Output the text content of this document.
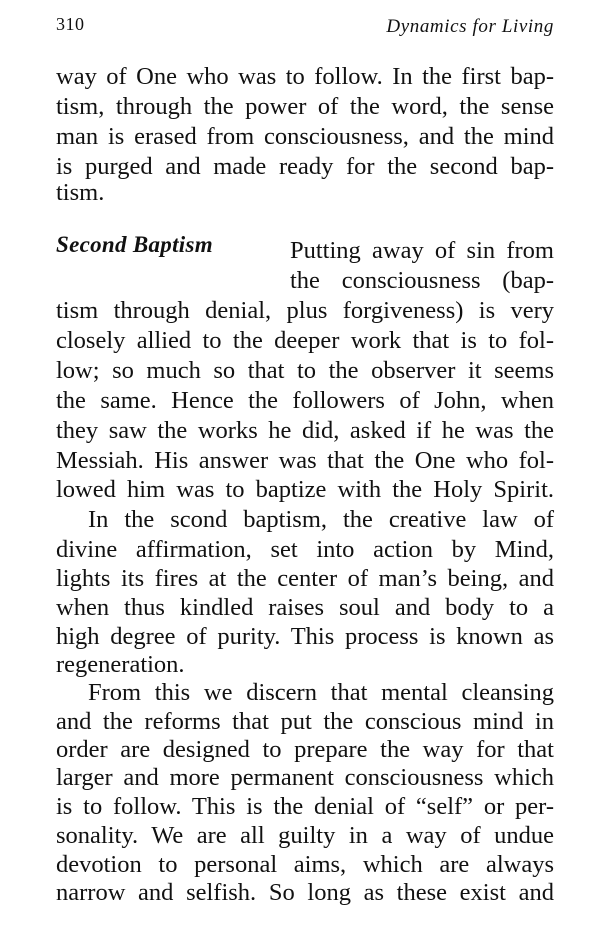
310	Dynamics for Living
way of One who was to follow. In the first bap-
tism, through the power of the word, the sense
man is erased from consciousness, and the mind
is purged and made ready for the second bap-
tism.
Second Baptism	Putting away of sin from
the consciousness (bap-
tism through denial, plus forgiveness) is very
closely allied to the deeper work that is to fol-
low; so much so that to the observer it seems
the same. Hence the followers of John, when
they saw the works he did, asked if he was the
Messiah. His answer was that the One who fol-
lowed him was to baptize with the Holy Spirit.
In the scond baptism, the creative law of
divine affirmation, set into action by Mind,
lights its fires at the center of man’s being, and
when thus kindled raises soul and body to a
high degree of purity. This process is known as
regeneration.
From this we discern that mental cleansing
and the reforms that put the conscious mind in
order are designed to prepare the way for that
larger and more permanent consciousness which
is to follow. This is the denial of “self” or per-
sonality. We are all guilty in a way of undue
devotion to personal aims, which are always
narrow and selfish. So long as these exist and
